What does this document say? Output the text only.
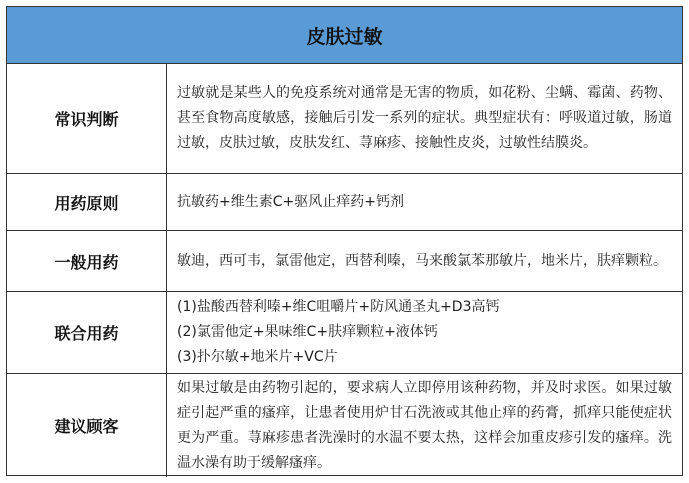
皮肤过敏
常识判断
过敏就是某些人的免疫系统对通常是无害的物质，如花粉、尘螨、霉菌、药物、甚至食物高度敏感，接触后引发一系列的症状。典型症状有：呼吸道过敏，肠道过敏，皮肤过敏，皮肤发红、荨麻疹、接触性皮炎，过敏性结膜炎。
用药原则	抗敏药+维生素C+驱风止痒药+钙剂
一般用药	敏迪，西可韦，氯雷他定，西替利嗪，马来酸氯苯那敏片，地米片，肤痒颗粒。
联合用药
(1)盐酸西替利嗪+维C咀嚼片+防风通圣丸+D3高钙
(2)氯雷他定+果味维C+肤痒颗粒+液体钙
(3)扑尔敏+地米片+VC片
建议顾客
如果过敏是由药物引起的，要求病人立即停用该种药物，并及时求医。如果过敏症引起严重的瘙痒，让患者使用炉甘石洗液或其他止痒的药膏，抓痒只能使症状更为严重。荨麻疹患者洗澡时的水温不要太热，这样会加重皮疹引发的瘙痒。洗温水澡有助于缓解瘙痒。
